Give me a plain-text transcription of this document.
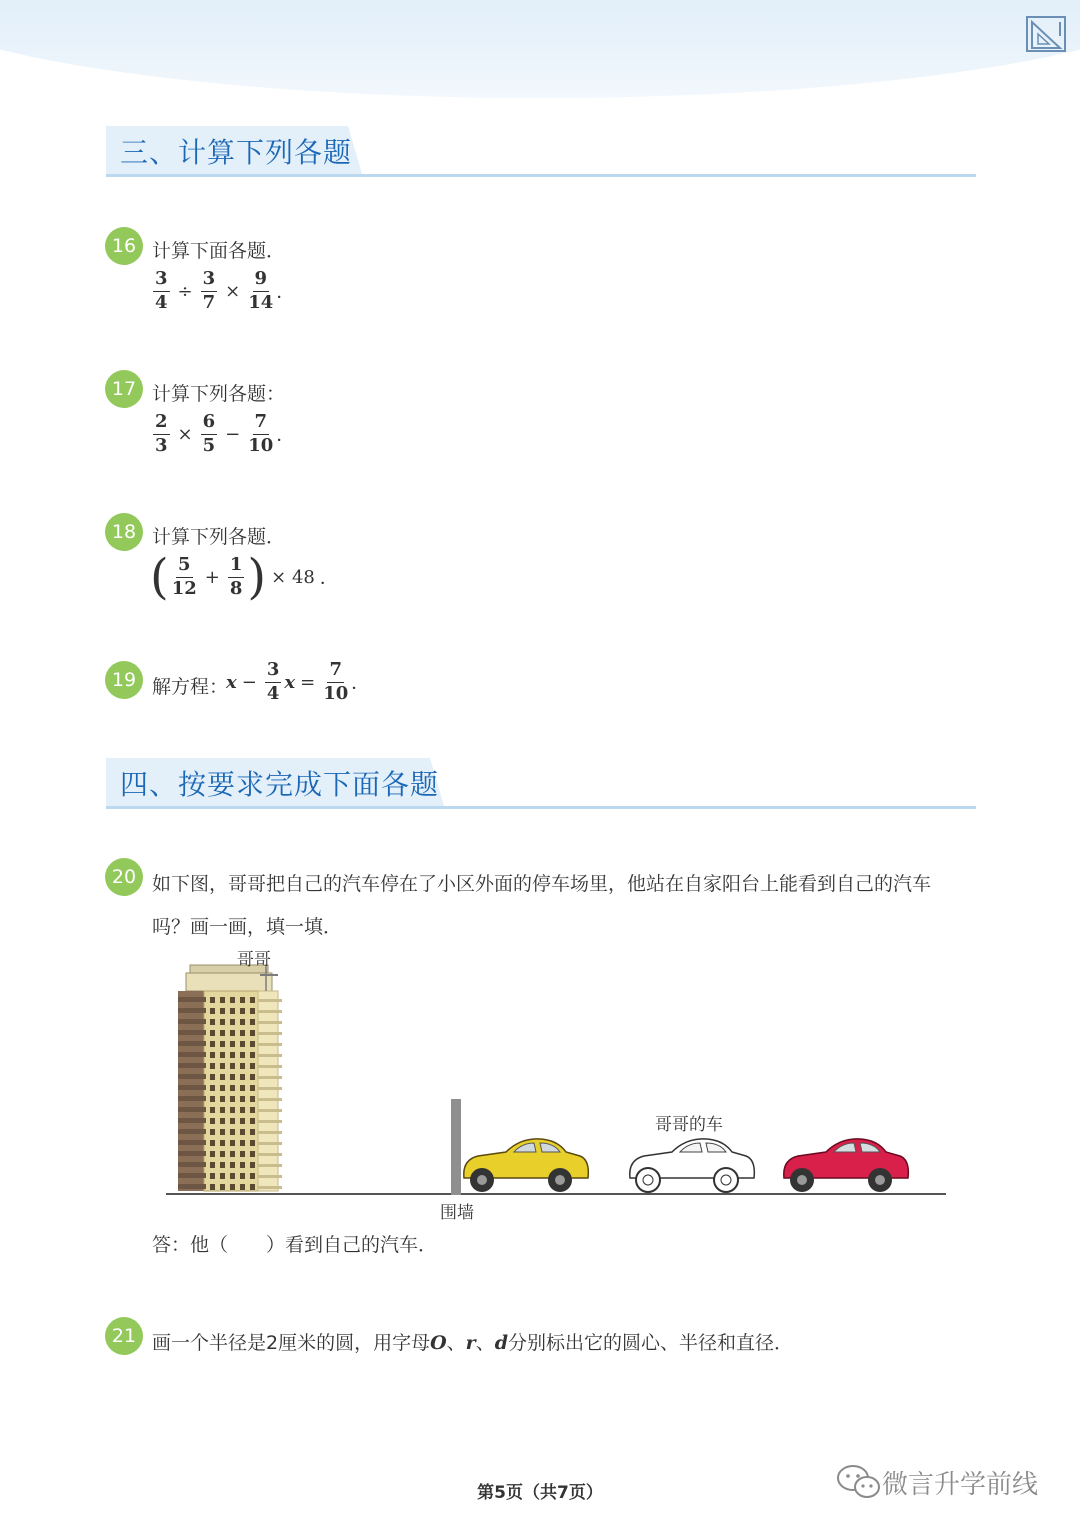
三、计算下列各题
16 计算下面各题．
$\frac{3}{4} \div \frac{3}{7} \times \frac{9}{14}$ ．
17 计算下列各题：
$\frac{2}{3} \times \frac{6}{5} - \frac{7}{10}$ ．
18 计算下列各题．
( $\frac{5}{12} + \frac{1}{8}$ ) × 48 ．
19 解方程：
$x - \frac{3}{4}$ $x = \frac{7}{10}$ ．
四、按要求完成下面各题
20 如下图，哥哥把自己的汽车停在了小区外面的停车场里，他站在自家阳台上能看到自己的汽车
吗？画一画，填一填．
哥哥
哥哥的车
围墙
答：他（　　）看到自己的汽车．
21 画一个半径是2厘米的圆，用字母O、r、d分别标出它的圆心、半径和直径．
第5页（共7页）	微言升学前线
